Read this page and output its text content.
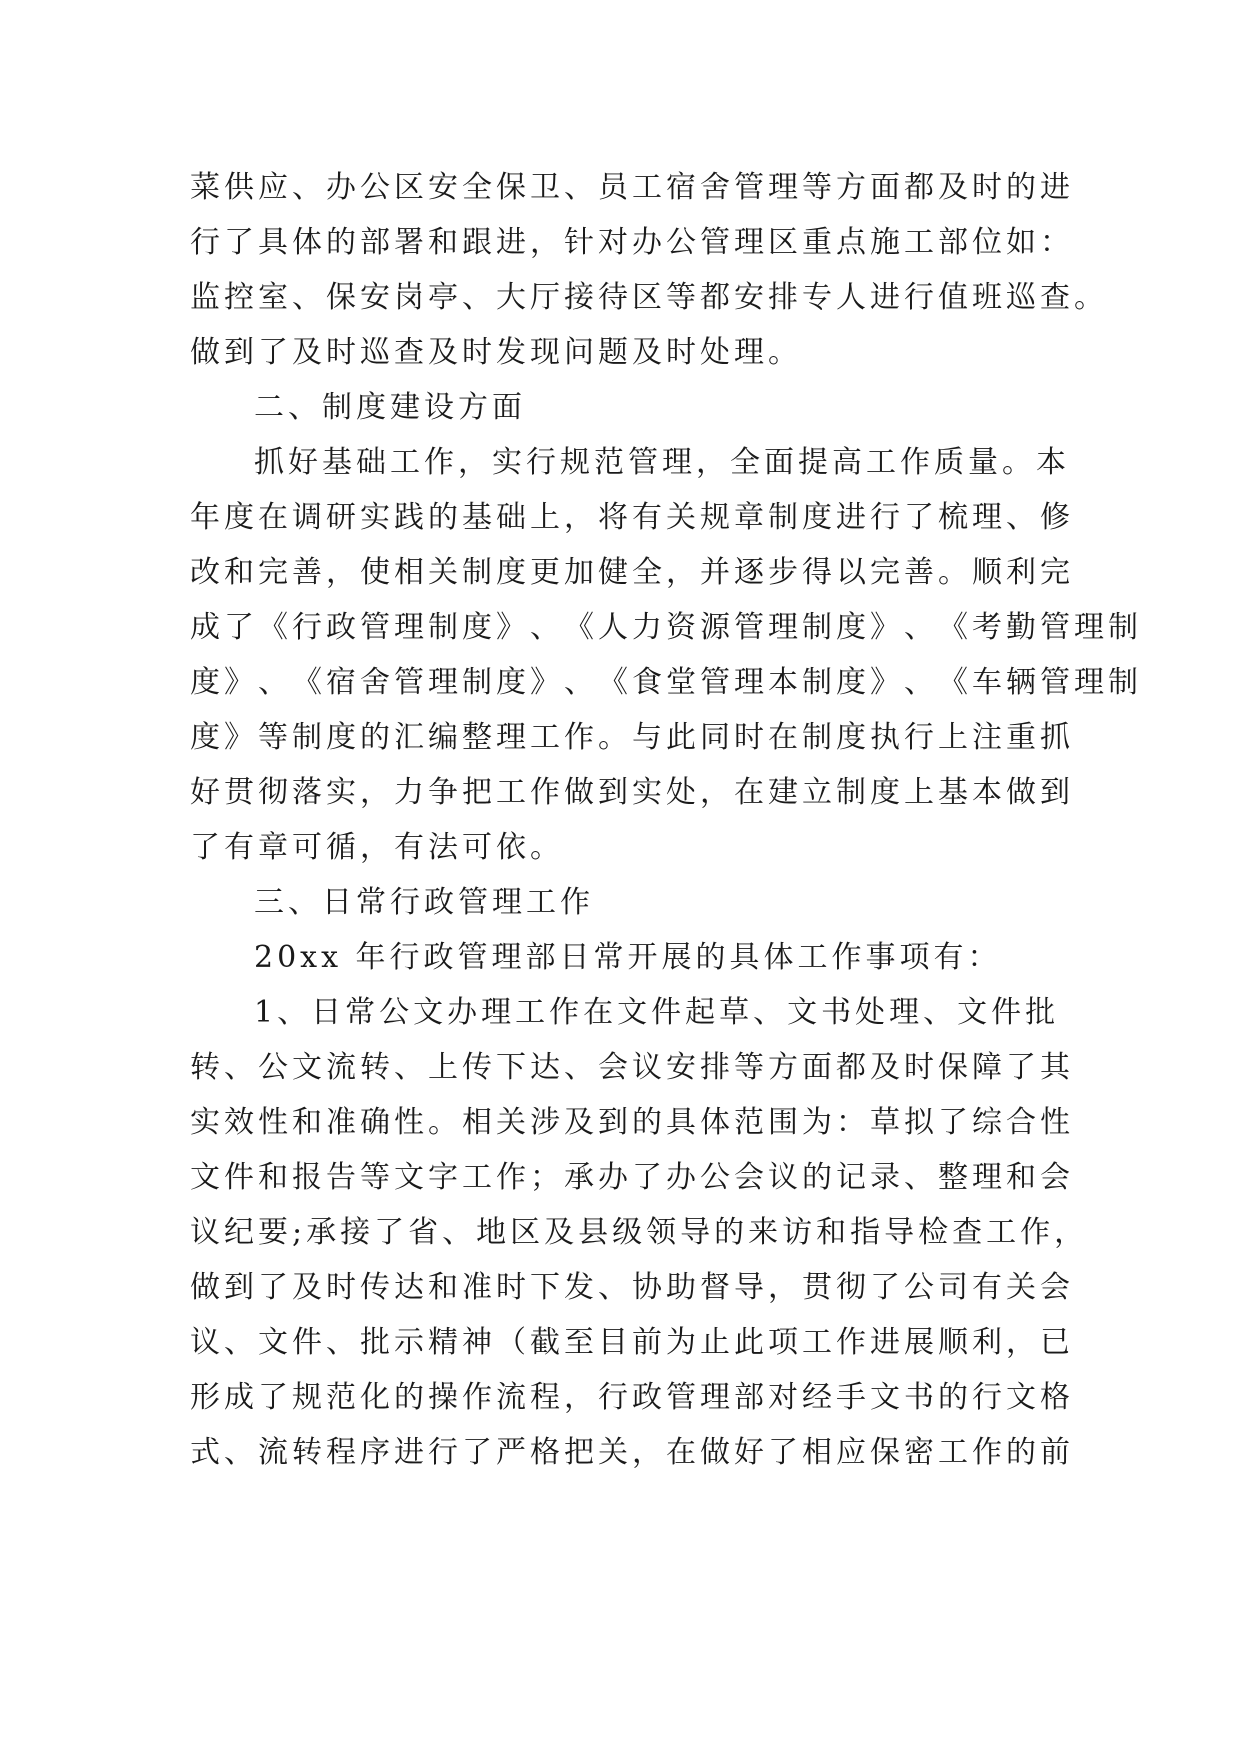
菜 供 应 、 办 公 区 安 全 保 卫 、 员 工 宿 舍 管 理 等 方 面 都 及 时 的 进
行 了 具 体 的 部 署 和 跟 进 ， 针 对 办 公 管 理 区 重 点 施 工 部 位 如 ：
监 控 室 、 保 安 岗 亭 、 大 厅 接 待 区 等 都 安 排 专 人 进 行 值 班 巡 查 。
做到了及时巡查及时发现问题及时处理。
二、制度建设方面
抓 好 基 础 工 作 ， 实 行 规 范 管 理 ， 全 面 提 高 工 作 质 量 。 本
年 度 在 调 研 实 践 的 基 础 上 ， 将 有 关 规 章 制 度 进 行 了 梳 理 、 修
改 和 完 善 ， 使 相 关 制 度 更 加 健 全 ， 并 逐 步 得 以 完 善 。 顺 利 完
成 了 《 行 政 管 理 制 度 》 、 《 人 力 资 源 管 理 制 度 》 、 《 考 勤 管 理 制
度 》 、 《 宿 舍 管 理 制 度 》 、 《 食 堂 管 理 本 制 度 》 、 《 车 辆 管 理 制
度 》 等 制 度 的 汇 编 整 理 工 作 。 与 此 同 时 在 制 度 执 行 上 注 重 抓
好 贯 彻 落 实 ， 力 争 把 工 作 做 到 实 处 ， 在 建 立 制 度 上 基 本 做 到
了有章可循，有法可依。
三、日常行政管理工作
20xx 年行政管理部日常开展的具体工作事项有：
1 、 日 常 公 文 办 理 工 作 在 文 件 起 草 、 文 书 处 理 、 文 件 批
转 、 公 文 流 转 、 上 传 下 达 、 会 议 安 排 等 方 面 都 及 时 保 障 了 其
实 效 性 和 准 确 性 。 相 关 涉 及 到 的 具 体 范 围 为 ： 草 拟 了 综 合 性
文 件 和 报 告 等 文 字 工 作 ； 承 办 了 办 公 会 议 的 记 录 、 整 理 和 会
议 纪 要 ; 承 接 了 省 、 地 区 及 县 级 领 导 的 来 访 和 指 导 检 查 工 作 ，
做 到 了 及 时 传 达 和 准 时 下 发 、 协 助 督 导 ， 贯 彻 了 公 司 有 关 会
议 、 文 件 、 批 示 精 神 （ 截 至 目 前 为 止 此 项 工 作 进 展 顺 利 ， 已
形 成 了 规 范 化 的 操 作 流 程 ， 行 政 管 理 部 对 经 手 文 书 的 行 文 格
式 、 流 转 程 序 进 行 了 严 格 把 关 ， 在 做 好 了 相 应 保 密 工 作 的 前
